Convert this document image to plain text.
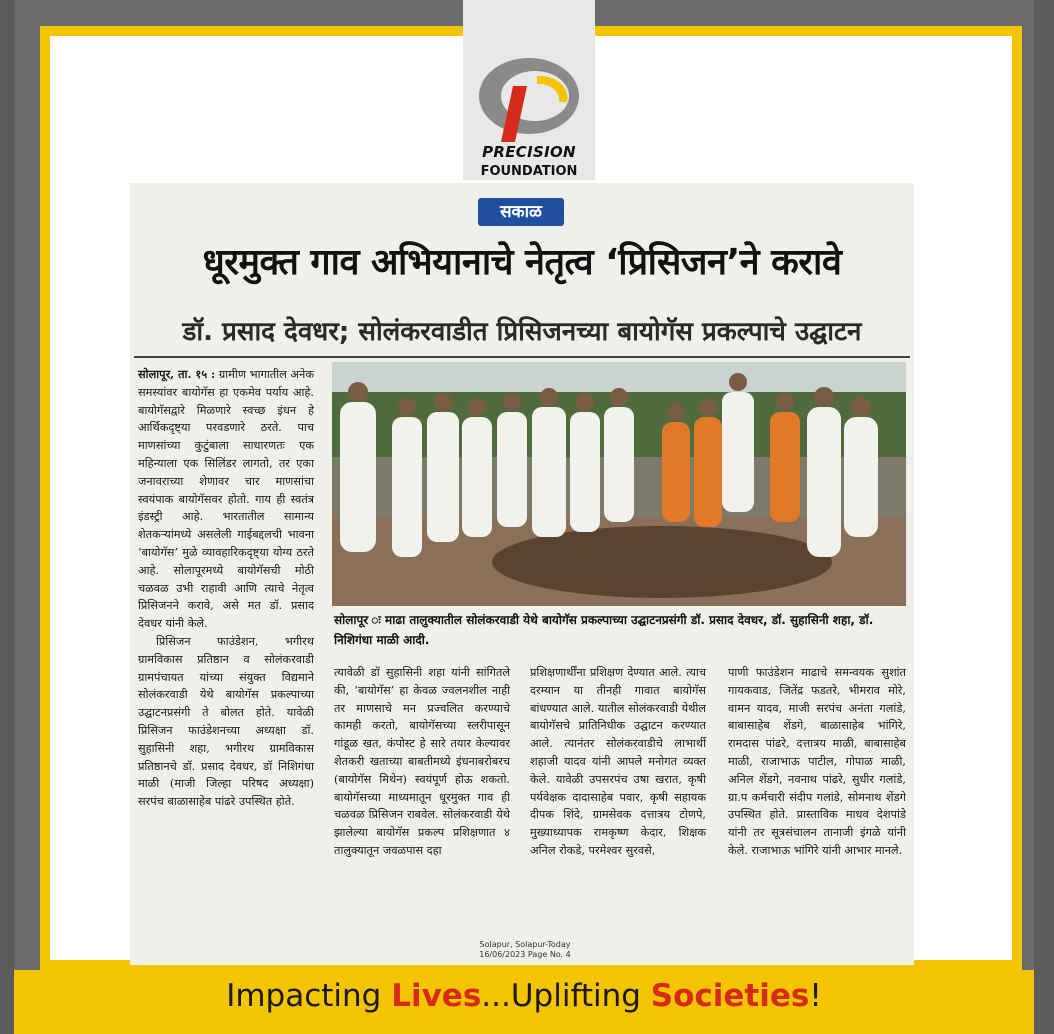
PRECISION
FOUNDATION
सकाळ
धूरमुक्त गाव अभियानाचे नेतृत्व ‘प्रिसिजन’ने करावे
डॉ. प्रसाद देवधर; सोलंकरवाडीत प्रिसिजनच्या बायोगॅस प्रकल्पाचे उद्घाटन

सोलापूर, ता. १५ : ग्रामीण भागातील अनेक समस्यांवर बायोगॅस हा एकमेव पर्याय आहे. बायोगॅसद्वारे मिळणारे स्वच्छ इंधन हे आर्थिकदृष्ट्या परवडणारे ठरते. पाच माणसांच्या कुटुंबाला साधारणतः एक महिन्याला एक सिलिंडर लागतो, तर एका जनावराच्या शेणावर चार माणसांचा स्वयंपाक बायोगॅसवर होतो. गाय ही स्वतंत्र इंडस्ट्री आहे. भारतातील सामान्य शेतकऱ्यांमध्ये असलेली गाईबद्दलची भावना ‘बायोगॅस’ मुळे व्यावहारिकदृष्ट्या योग्य ठरते आहे. सोलापूरमध्ये बायोगॅसची मोठी चळवळ उभी राहावी आणि त्याचे नेतृत्व प्रिसिजनने करावे, असे मत डॉ. प्रसाद देवधर यांनी केले.

प्रिसिजन फाउंडेशन, भगीरथ ग्रामविकास प्रतिष्ठान व सोलंकरवाडी ग्रामपंचायत यांच्या संयुक्त विद्यमाने सोलंकरवाडी येथे बायोगॅस प्रकल्पाच्या उद्घाटनप्रसंगी ते बोलत होते. यावेळी प्रिसिजन फाउंडेशनच्या अध्यक्षा डॉ. सुहासिनी शहा, भगीरथ ग्रामविकास प्रतिष्ठानचे डॉ. प्रसाद देवधर, डॉ निशिगंधा माळी (माजी जिल्हा परिषद अध्यक्षा) सरपंच बाळासाहेब पांढरे उपस्थित होते.

सोलापूर ः माढा तालुक्यातील सोलंकरवाडी येथे बायोगॅस प्रकल्पाच्या उद्घाटनप्रसंगी डॉ. प्रसाद देवधर, डॉ. सुहासिनी शहा, डॉ. निशिगंधा माळी आदी.

त्यावेळी डॉ सुहासिनी शहा यांनी सांगितले की, ‘बायोगॅस’ हा केवळ ज्वलनशील नाही तर माणसाचे मन प्रज्वलित करण्याचे कामही करतो, बायोगॅसच्या स्लरीपासून गांडूळ खत, कंपोस्ट हे सारे तयार केल्यावर शेतकरी खताच्या बाबतीमध्ये इंधनाबरोबरच (बायोगॅस मिथेन) स्वयंपूर्ण होऊ शकतो. बायोगॅसच्या माध्यमातून धूरमुक्त गाव ही चळवळ प्रिसिजन राबवेल. सोलंकरवाडी येथे झालेल्या बायोगॅस प्रकल्प प्रशिक्षणात ४ तालुक्यातून जवळपास दहा

प्रशिक्षणार्थींना प्रशिक्षण देण्यात आले. त्याच दरम्यान या तीनही गावात बायोगॅस बांधण्यात आले. यातील सोलंकरवाडी येथील बायोगॅसचे प्रातिनिधीक उद्घाटन करण्यात आले. त्यानंतर सोलंकरवाडीचे लाभार्थी शहाजी यादव यांनी आपले मनोगत व्यक्त केले. यावेळी उपसरपंच उषा खरात, कृषी पर्यवेक्षक दादासाहेब पवार, कृषी सहायक दीपक शिंदे, ग्रामसेवक दत्तात्रय टोणपे, मुख्याध्यापक रामकृष्ण केदार, शिक्षक अनिल रोकडे, परमेश्वर सुरवसे,

पाणी फाउंडेशन माढाचे समन्वयक सुशांत गायकवाड, जितेंद्र फडतरे, भीमराव मोरे, वामन यादव, माजी सरपंच अनंता गलांडे, बाबासाहेब शेंडगे, बाळासाहेब भांगिरे, रामदास पांढरे, दत्तात्रय माळी, बाबासाहेब माळी, राजाभाऊ पाटील, गोपाळ माळी, अनिल शेंडगे, नवनाथ पांढरे, सुधीर गलांडे, ग्रा.प कर्मचारी संदीप गलांडे, सोमनाथ शेंडगे उपस्थित होते. प्रास्ताविक माधव देशपांडे यांनी तर सूत्रसंचालन तानाजी इंगळे यांनी केले. राजाभाऊ भांगिरे यांनी आभार मानले.

Solapur, Solapur-Today
16/06/2023 Page No. 4
Impacting Lives...Uplifting Societies!
